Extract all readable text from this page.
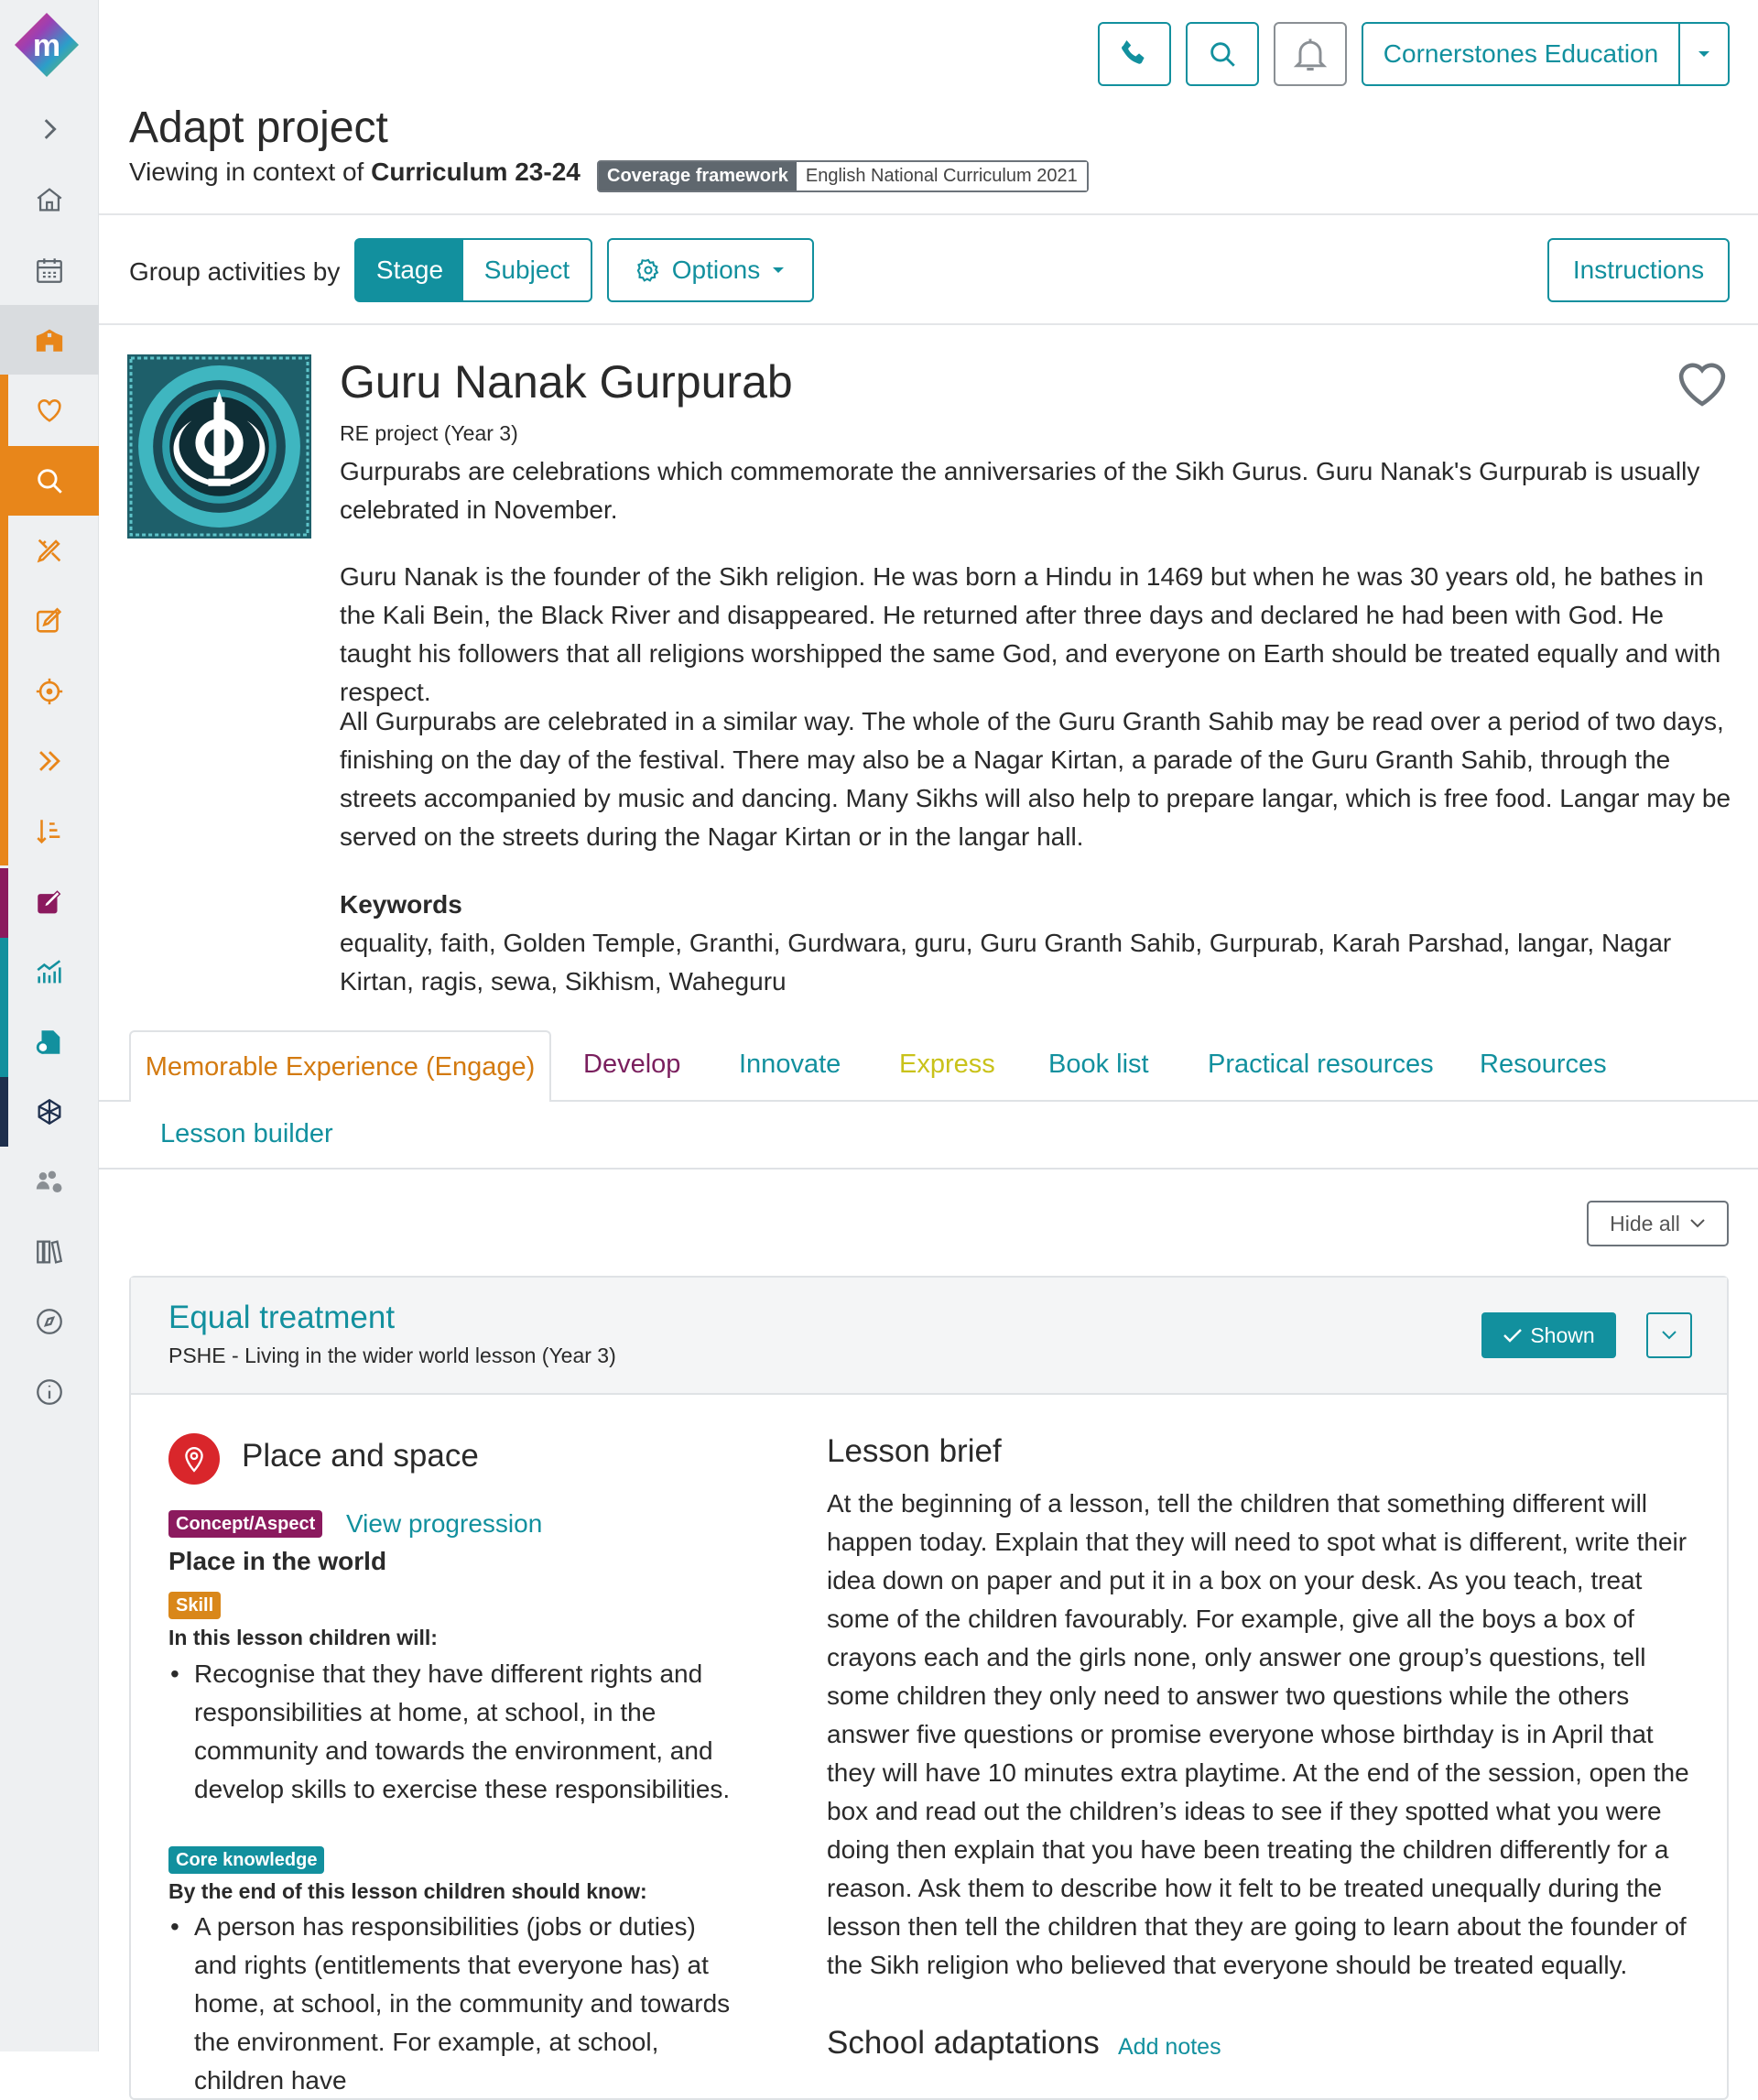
m	Cornerstones Education
Adapt project
Viewing in context of Curriculum 23-24	Coverage framework English National Curriculum 2021
Group activities by	Stage	Subject	Options	Instructions
Guru Nanak Gurpurab
RE project (Year 3)
Gurpurabs are celebrations which commemorate the anniversaries of the Sikh Gurus. Guru Nanak's Gurpurab is usually celebrated in November.
Guru Nanak is the founder of the Sikh religion. He was born a Hindu in 1469 but when he was 30 years old, he bathes in the Kali Bein, the Black River and disappeared. He returned after three days and declared he had been with God. He taught his followers that all religions worshipped the same God, and everyone on Earth should be treated equally and with respect.
All Gurpurabs are celebrated in a similar way. The whole of the Guru Granth Sahib may be read over a period of two days, finishing on the day of the festival. There may also be a Nagar Kirtan, a parade of the Guru Granth Sahib, through the streets accompanied by music and dancing. Many Sikhs will also help to prepare langar, which is free food. Langar may be served on the streets during the Nagar Kirtan or in the langar hall.
Keywords
equality, faith, Golden Temple, Granthi, Gurdwara, guru, Guru Granth Sahib, Gurpurab, Karah Parshad, langar, Nagar Kirtan, ragis, sewa, Sikhism, Waheguru
Memorable Experience (Engage)	Develop Innovate Express Book list Practical resources Resources
Lesson builder
Hide all
Equal treatment
PSHE - Living in the wider world lesson (Year 3)
Shown
Place and space
Concept/Aspect View progression
Place in the world
Skill
In this lesson children will:
• Recognise that they have different rights and responsibilities at home, at school, in the community and towards the environment, and develop skills to exercise these responsibilities.
Core knowledge
By the end of this lesson children should know:
• A person has responsibilities (jobs or duties) and rights (entitlements that everyone has) at home, at school, in the community and towards the environment. For example, at school, children have
Lesson brief
At the beginning of a lesson, tell the children that something different will happen today. Explain that they will need to spot what is different, write their idea down on paper and put it in a box on your desk. As you teach, treat some of the children favourably. For example, give all the boys a box of crayons each and the girls none, only answer one group’s questions, tell some children they only need to answer two questions while the others answer five questions or promise everyone whose birthday is in April that they will have 10 minutes extra playtime. At the end of the session, open the box and read out the children’s ideas to see if they spotted what you were doing then explain that you have been treating the children differently for a reason. Ask them to describe how it felt to be treated unequally during the lesson then tell the children that they are going to learn about the founder of the Sikh religion who believed that everyone should be treated equally.
School adaptations Add notes
